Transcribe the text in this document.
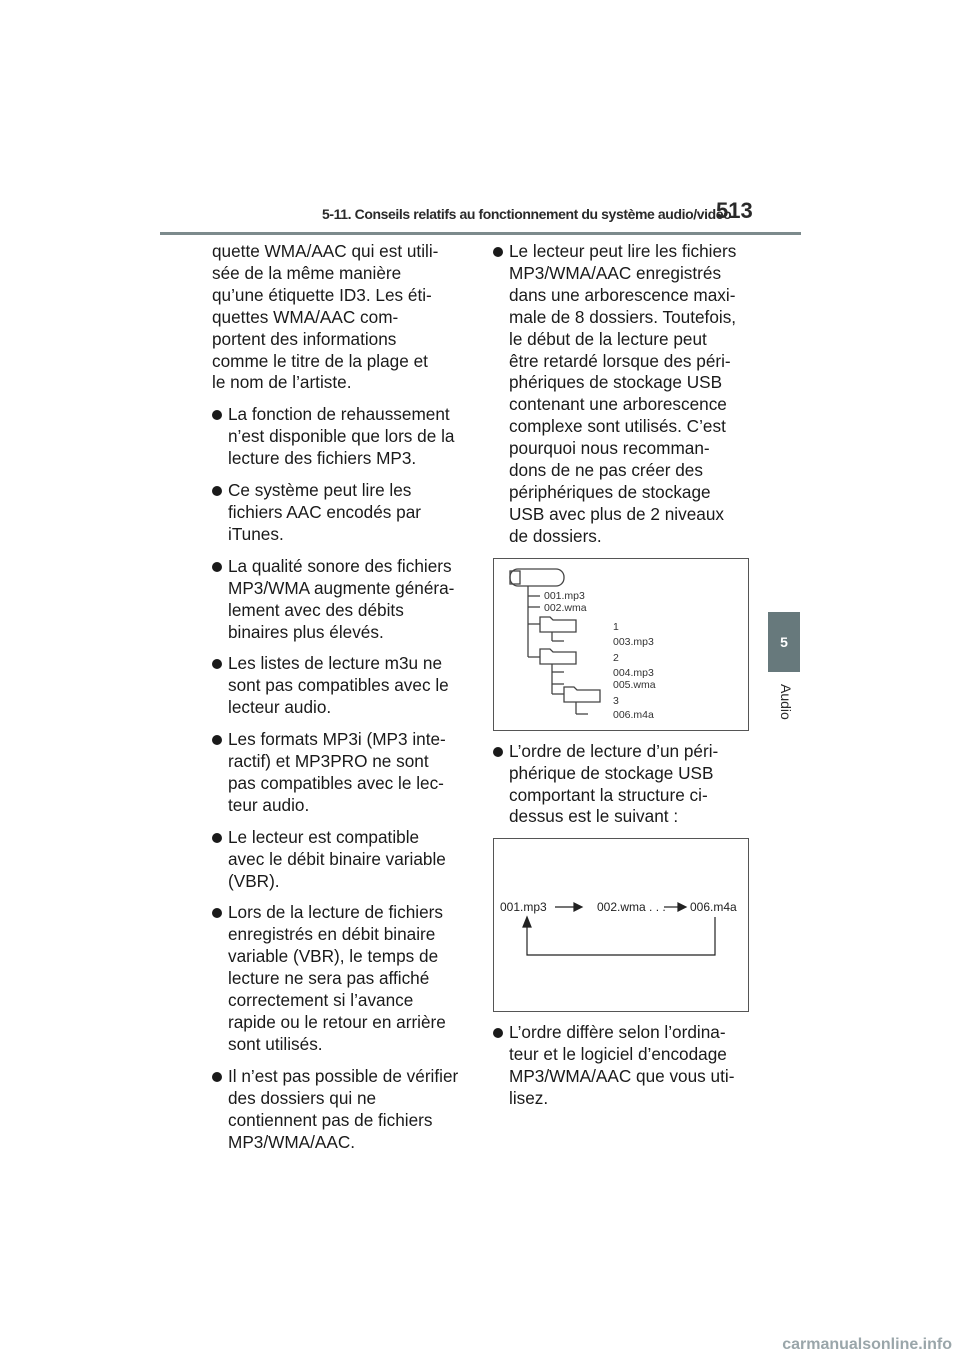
5-11. Conseils relatifs au fonctionnement du système audio/vidéo
513
5
Audio
quette WMA/AAC qui est utili-
sée de la même manière
qu’une étiquette ID3. Les éti-
quettes WMA/AAC com-
portent des informations
comme le titre de la plage et
le nom de l’artiste.
La fonction de rehaussement
n’est disponible que lors de la
lecture des fichiers MP3.
Ce système peut lire les
fichiers AAC encodés par
iTunes.
La qualité sonore des fichiers
MP3/WMA augmente généra-
lement avec des débits
binaires plus élevés.
Les listes de lecture m3u ne
sont pas compatibles avec le
lecteur audio.
Les formats MP3i (MP3 inte-
ractif) et MP3PRO ne sont
pas compatibles avec le lec-
teur audio.
Le lecteur est compatible
avec le débit binaire variable
(VBR).
Lors de la lecture de fichiers
enregistrés en débit binaire
variable (VBR), le temps de
lecture ne sera pas affiché
correctement si l’avance
rapide ou le retour en arrière
sont utilisés.
Il n’est pas possible de vérifier
des dossiers qui ne
contiennent pas de fichiers
MP3/WMA/AAC.
Le lecteur peut lire les fichiers
MP3/WMA/AAC enregistrés
dans une arborescence maxi-
male de 8 dossiers. Toutefois,
le début de la lecture peut
être retardé lorsque des péri-
phériques de stockage USB
contenant une arborescence
complexe sont utilisés. C’est
pourquoi nous recomman-
dons de ne pas créer des
périphériques de stockage
USB avec plus de 2 niveaux
de dossiers.
001.mp3
002.wma
1
003.mp3
2
004.mp3
005.wma
3
006.m4a
L’ordre de lecture d’un péri-
phérique de stockage USB
comportant la structure ci-
dessus est le suivant :
001.mp3	002.wma . . . 006.m4a
L’ordre diffère selon l’ordina-
teur et le logiciel d’encodage
MP3/WMA/AAC que vous uti-
lisez.
carmanualsonline.info
